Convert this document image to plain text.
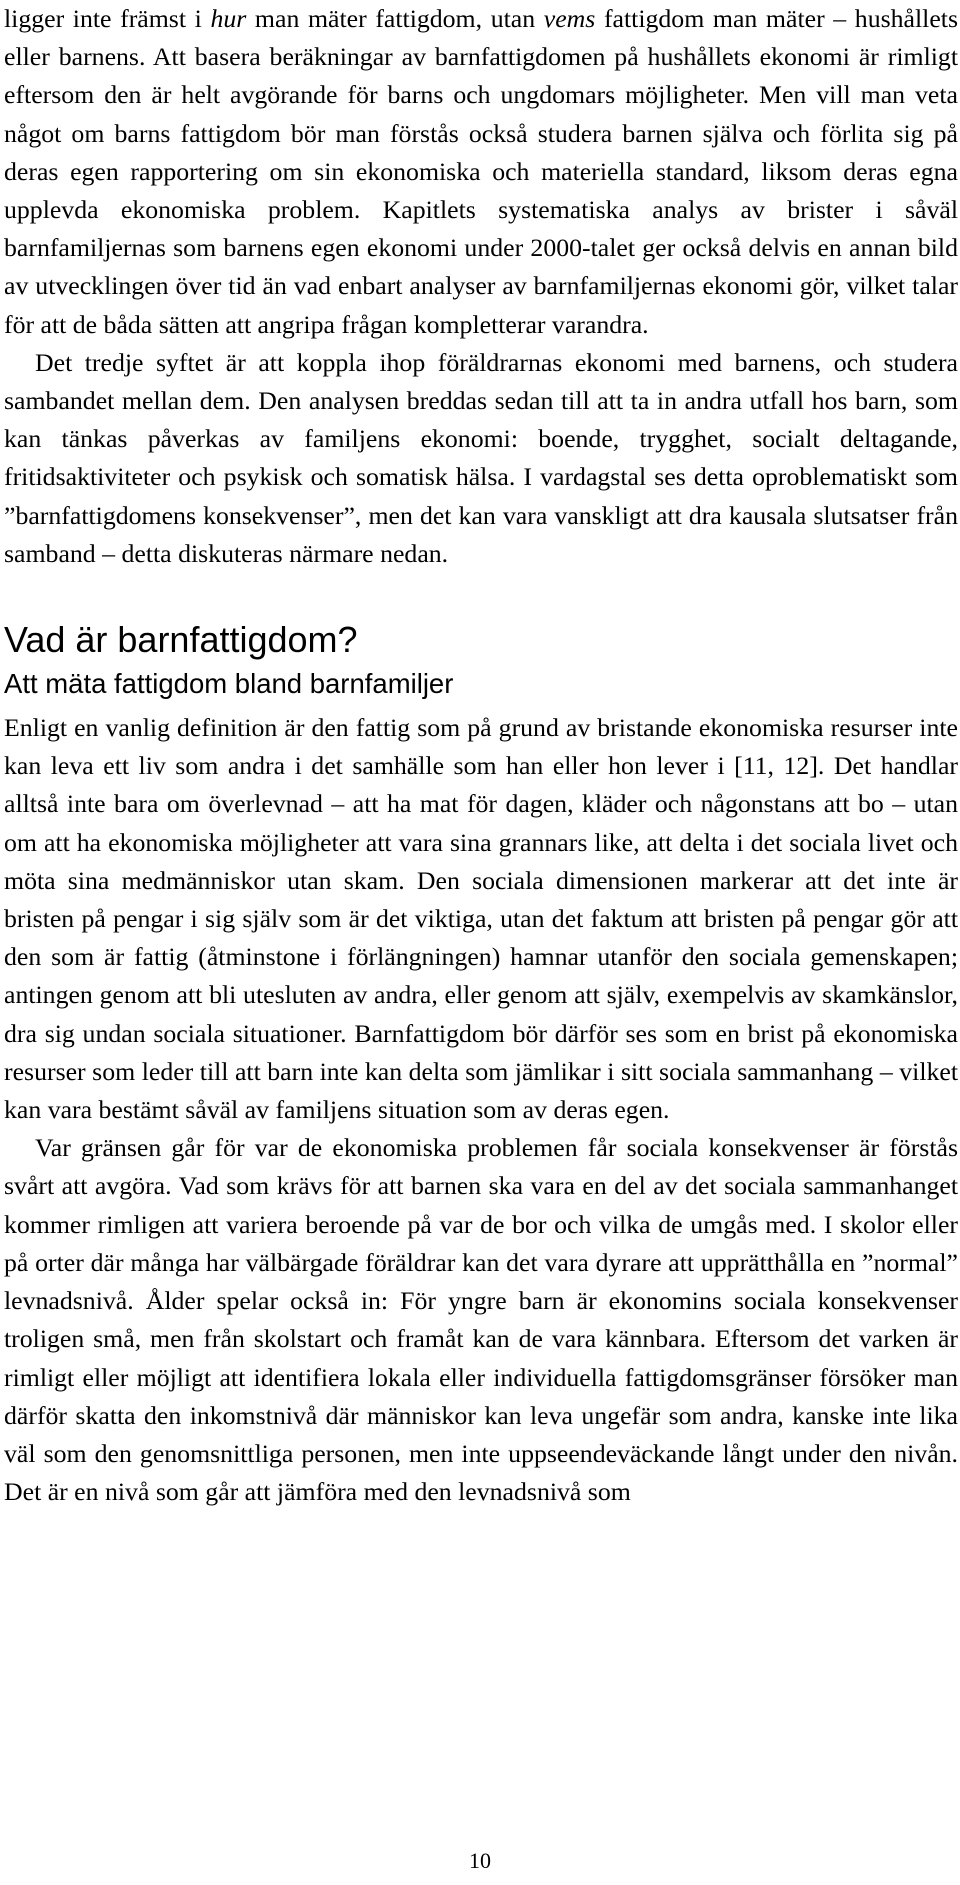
ligger inte främst i hur man mäter fattigdom, utan vems fattigdom man mäter – hushållets eller barnens. Att basera beräkningar av barnfattigdomen på hushållets ekonomi är rimligt eftersom den är helt avgörande för barns och ungdomars möjligheter. Men vill man veta något om barns fattigdom bör man förstås också studera barnen själva och förlita sig på deras egen rapportering om sin ekonomiska och materiella standard, liksom deras egna upplevda ekonomiska problem. Kapitlets systematiska analys av brister i såväl barnfamiljernas som barnens egen ekonomi under 2000-talet ger också delvis en annan bild av utvecklingen över tid än vad enbart analyser av barnfamiljernas ekonomi gör, vilket talar för att de båda sätten att angripa frågan kompletterar varandra.

Det tredje syftet är att koppla ihop föräldrarnas ekonomi med barnens, och studera sambandet mellan dem. Den analysen breddas sedan till att ta in andra utfall hos barn, som kan tänkas påverkas av familjens ekonomi: boende, trygghet, socialt deltagande, fritidsaktiviteter och psykisk och somatisk hälsa. I vardagstal ses detta oproblematiskt som ”barnfattigdomens konsekvenser”, men det kan vara vanskligt att dra kausala slutsatser från samband – detta diskuteras närmare nedan.

Vad är barnfattigdom?
Att mäta fattigdom bland barnfamiljer

Enligt en vanlig definition är den fattig som på grund av bristande ekonomiska resurser inte kan leva ett liv som andra i det samhälle som han eller hon lever i [11, 12]. Det handlar alltså inte bara om överlevnad – att ha mat för dagen, kläder och någonstans att bo – utan om att ha ekonomiska möjligheter att vara sina grannars like, att delta i det sociala livet och möta sina medmänniskor utan skam. Den sociala dimensionen markerar att det inte är bristen på pengar i sig själv som är det viktiga, utan det faktum att bristen på pengar gör att den som är fattig (åtminstone i förlängningen) hamnar utanför den sociala gemenskapen; antingen genom att bli utesluten av andra, eller genom att själv, exempelvis av skamkänslor, dra sig undan sociala situationer. Barnfattigdom bör därför ses som en brist på ekonomiska resurser som leder till att barn inte kan delta som jämlikar i sitt sociala sammanhang – vilket kan vara bestämt såväl av familjens situation som av deras egen.

Var gränsen går för var de ekonomiska problemen får sociala konsekvenser är förstås svårt att avgöra. Vad som krävs för att barnen ska vara en del av det sociala sammanhanget kommer rimligen att variera beroende på var de bor och vilka de umgås med. I skolor eller på orter där många har välbärgade föräldrar kan det vara dyrare att upprätthålla en ”normal” levnadsnivå. Ålder spelar också in: För yngre barn är ekonomins sociala konsekvenser troligen små, men från skolstart och framåt kan de vara kännbara. Eftersom det varken är rimligt eller möjligt att identifiera lokala eller individuella fattigdomsgränser försöker man därför skatta den inkomstnivå där människor kan leva ungefär som andra, kanske inte lika väl som den genomsnittliga personen, men inte uppseendeväckande långt under den nivån. Det är en nivå som går att jämföra med den levnadsnivå som

10
